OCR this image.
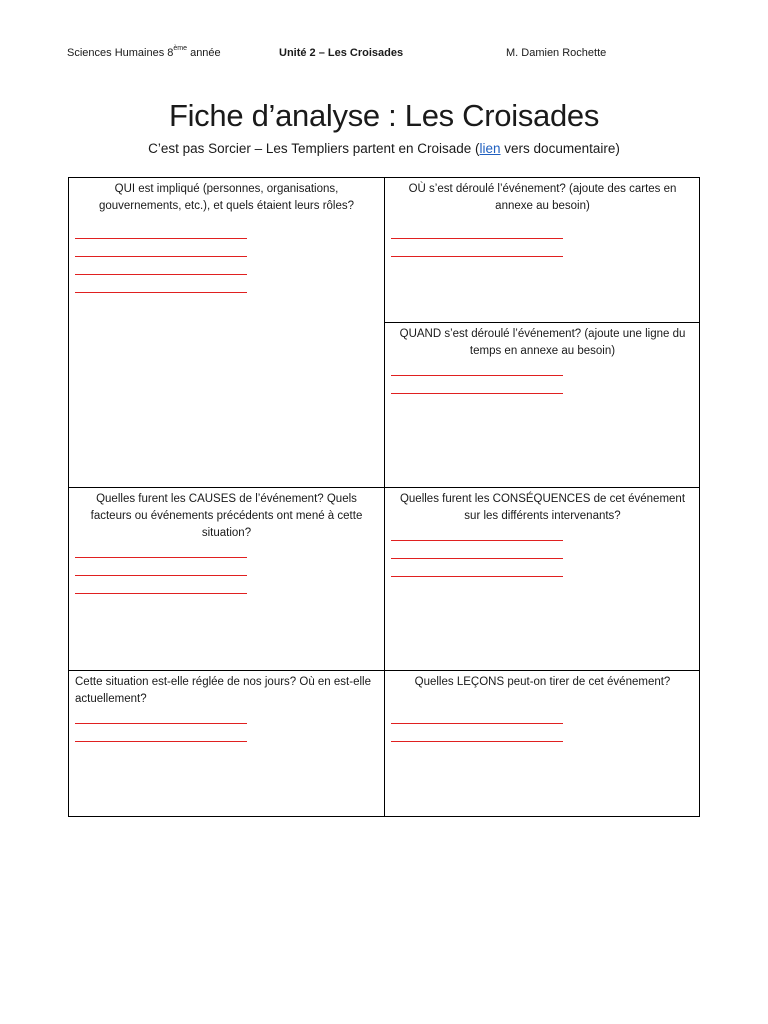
Sciences Humaines 8ème année	Unité 2 – Les Croisades	M. Damien Rochette
Fiche d’analyse : Les Croisades
C’est pas Sorcier – Les Templiers partent en Croisade (lien vers documentaire)
QUI est impliqué (personnes, organisations, gouvernements, etc.), et quels étaient leurs rôles?
OÙ s’est déroulé l’événement? (ajoute des cartes en annexe au besoin)
QUAND s’est déroulé l’événement? (ajoute une ligne du temps en annexe au besoin)
Quelles furent les CAUSES de l’événement? Quels facteurs ou événements précédents ont mené à cette situation?
Quelles furent les CONSÉQUENCES de cet événement sur les différents intervenants?
Cette situation est-elle réglée de nos jours? Où en est-elle actuellement?
Quelles LEÇONS peut-on tirer de cet événement?
